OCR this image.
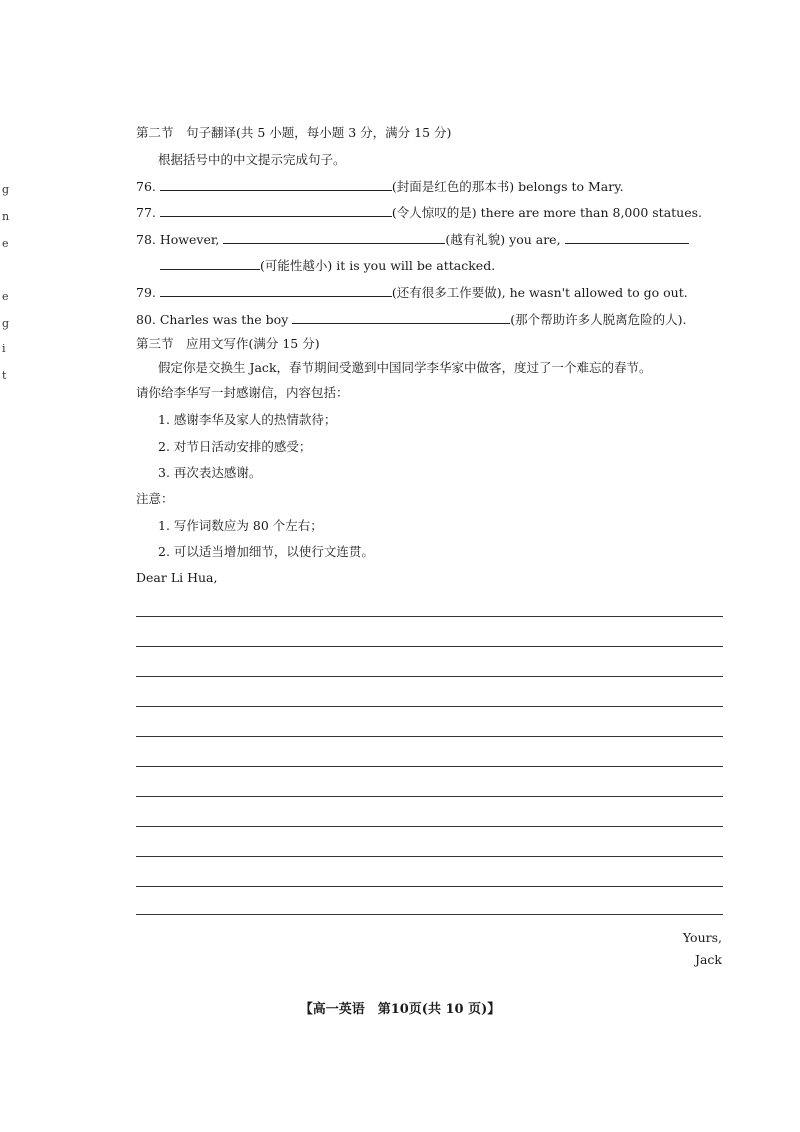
g
n
e
e
g
i
t
第二节　句子翻译(共 5 小题，每小题 3 分，满分 15 分)
根据括号中的中文提示完成句子。
76.	(封面是红色的那本书) belongs to Mary.
77.	(令人惊叹的是) there are more than 8,000 statues.
78. However,	(越有礼貌) you are,
(可能性越小) it is you will be attacked.
79.	(还有很多工作要做), he wasn't allowed to go out.
80. Charles was the boy	(那个帮助许多人脱离危险的人).
第三节　应用文写作(满分 15 分)
假定你是交换生 Jack，春节期间受邀到中国同学李华家中做客，度过了一个难忘的春节。
请你给李华写一封感谢信，内容包括：
1. 感谢李华及家人的热情款待；
2. 对节日活动安排的感受；
3. 再次表达感谢。
注意：
1. 写作词数应为 80 个左右；
2. 可以适当增加细节，以使行文连贯。
Dear Li Hua,
Yours,
Jack
【高一英语　第10页(共 10 页)】
